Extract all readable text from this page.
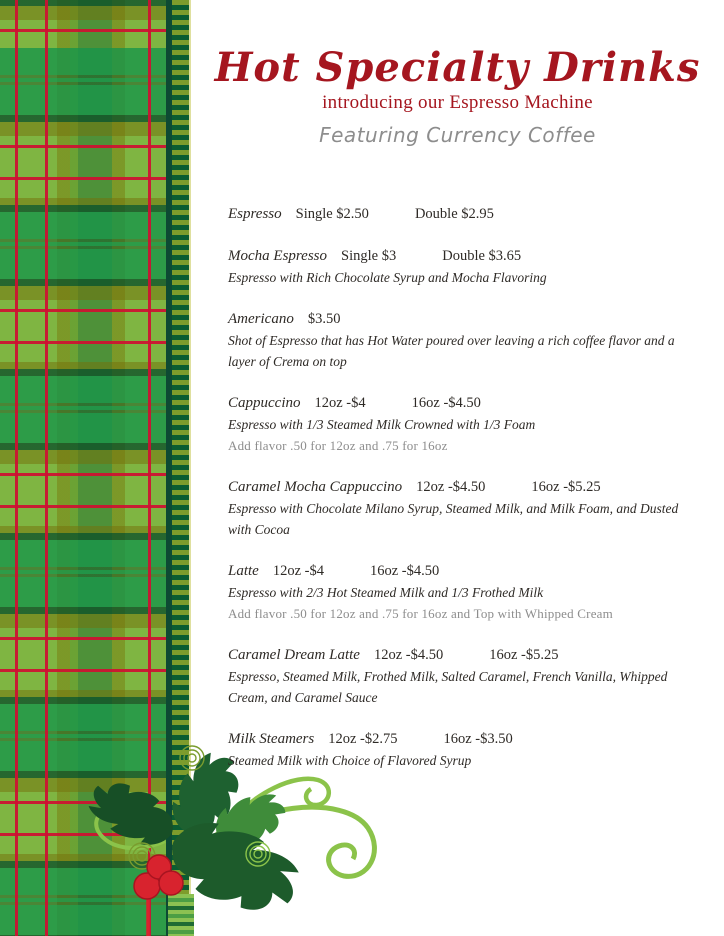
Hot Specialty Drinks
introducing our Espresso Machine
Featuring Currency Coffee
Espresso Single $2.50	Double $2.95
Mocha Espresso Single $3	Double $3.65
Espresso with Rich Chocolate Syrup and Mocha Flavoring
Americano $3.50
Shot of Espresso that has Hot Water poured over leaving a rich coffee flavor and a layer of Crema on top
Cappuccino 12oz -$4	16oz -$4.50
Espresso with 1/3 Steamed Milk Crowned with 1/3 Foam
Add flavor .50 for 12oz and .75 for 16oz
Caramel Mocha Cappuccino 12oz -$4.50	16oz -$5.25
Espresso with Chocolate Milano Syrup, Steamed Milk, and Milk Foam, and Dusted with Cocoa
Latte 12oz -$4	16oz -$4.50
Espresso with 2/3 Hot Steamed Milk and 1/3 Frothed Milk
Add flavor .50 for 12oz and .75 for 16oz and Top with Whipped Cream
Caramel Dream Latte 12oz -$4.50	16oz -$5.25
Espresso, Steamed Milk, Frothed Milk, Salted Caramel, French Vanilla, Whipped Cream, and Caramel Sauce
Milk Steamers 12oz -$2.75	16oz -$3.50
Steamed Milk with Choice of Flavored Syrup
